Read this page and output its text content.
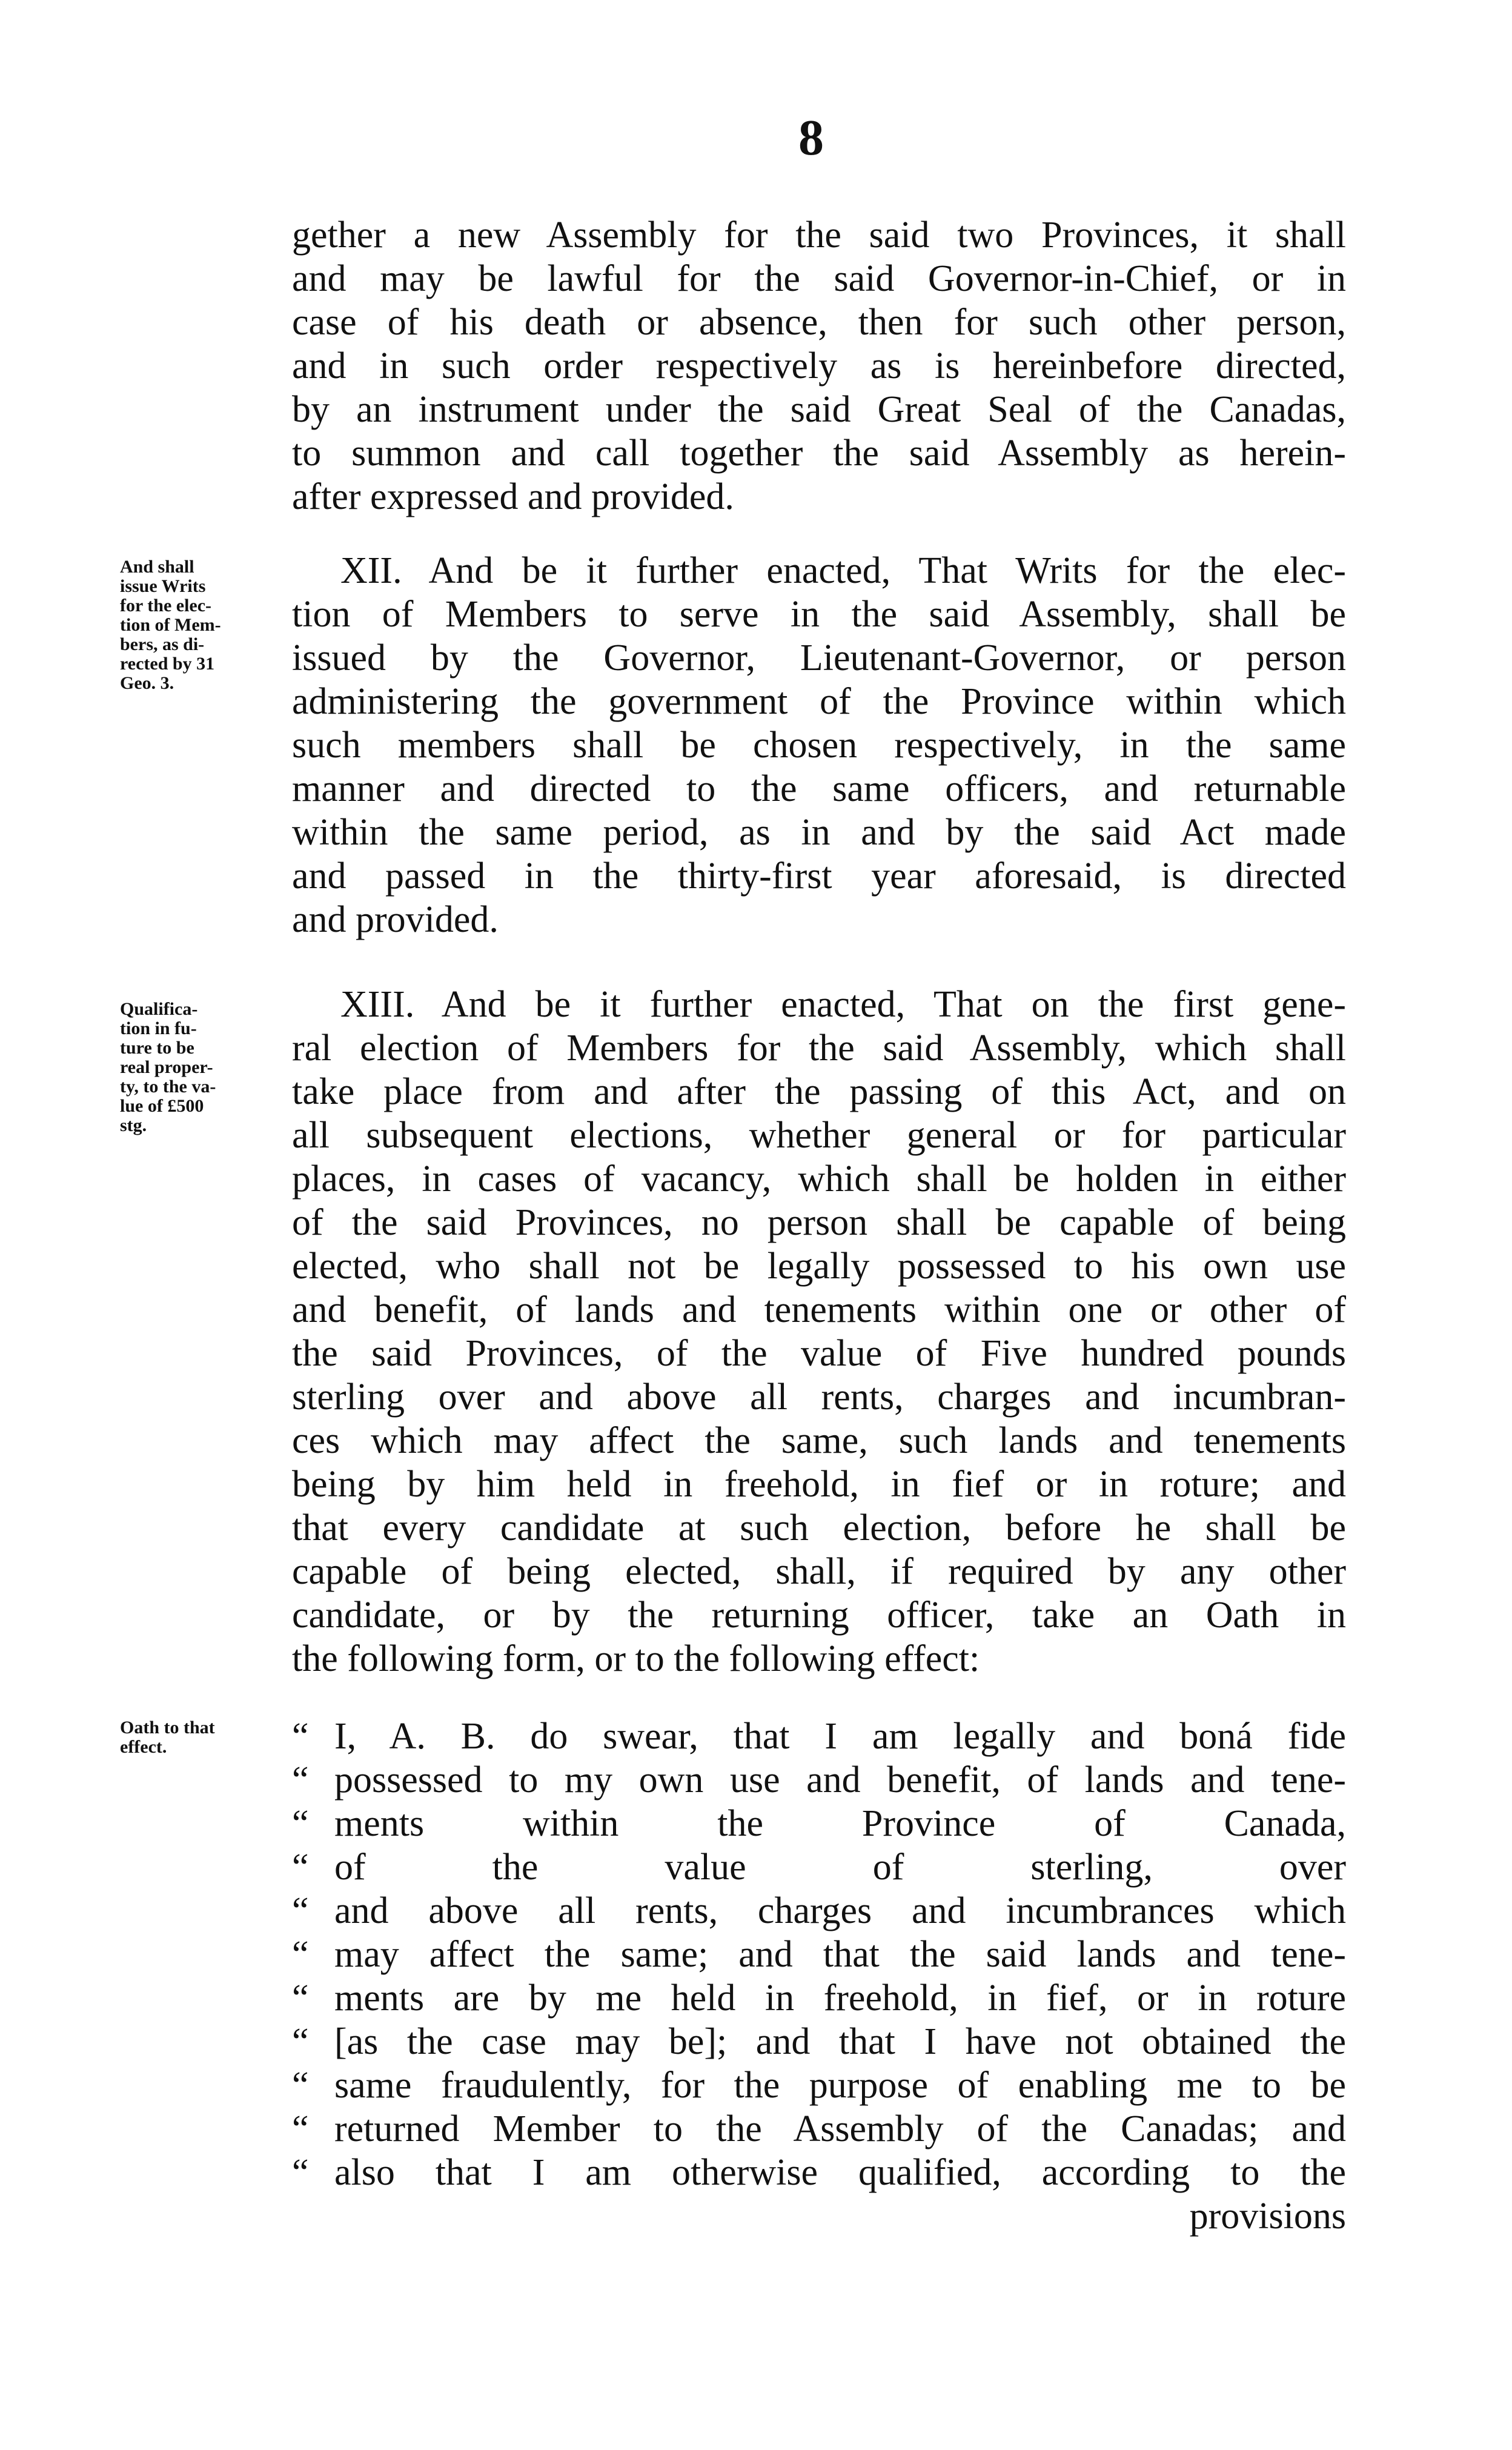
8
gether a new Assembly for the said two Provinces, it shall
and may be lawful for the said Governor-in-Chief, or in
case of his death or absence, then for such other person,
and in such order respectively as is hereinbefore directed,
by an instrument under the said Great Seal of the Canadas,
to summon and call together the said Assembly as herein-
after expressed and provided.
And shall
issue Writs
for the elec-
tion of Mem-
bers, as di-
rected by 31
Geo. 3.
XII. And be it further enacted, That Writs for the elec-
tion of Members to serve in the said Assembly, shall be
issued by the Governor, Lieutenant-Governor, or person
administering the government of the Province within which
such members shall be chosen respectively, in the same
manner and directed to the same officers, and returnable
within the same period, as in and by the said Act made
and passed in the thirty-first year aforesaid, is directed
and provided.
Qualifica-
tion in fu-
ture to be
real proper-
ty, to the va-
lue of £500
stg.
XIII. And be it further enacted, That on the first gene-
ral election of Members for the said Assembly, which shall
take place from and after the passing of this Act, and on
all subsequent elections, whether general or for particular
places, in cases of vacancy, which shall be holden in either
of the said Provinces, no person shall be capable of being
elected, who shall not be legally possessed to his own use
and benefit, of lands and tenements within one or other of
the said Provinces, of the value of Five hundred pounds
sterling over and above all rents, charges and incumbran-
ces which may affect the same, such lands and tenements
being by him held in freehold, in fief or in roture; and
that every candidate at such election, before he shall be
capable of being elected, shall, if required by any other
candidate, or by the returning officer, take an Oath in
the following form, or to the following effect:
Oath to that
effect.	“ I, A. B. do swear, that I am legally and boná fide
“ possessed to my own use and benefit, of lands and tene-
“ ments within the Province of Canada,
“ of the value of sterling, over
“ and above all rents, charges and incumbrances which
“ may affect the same; and that the said lands and tene-
“ ments are by me held in freehold, in fief, or in roture
“ [as the case may be]; and that I have not obtained the
“ same fraudulently, for the purpose of enabling me to be
“ returned Member to the Assembly of the Canadas; and
“ also that I am otherwise qualified, according to the
provisions
